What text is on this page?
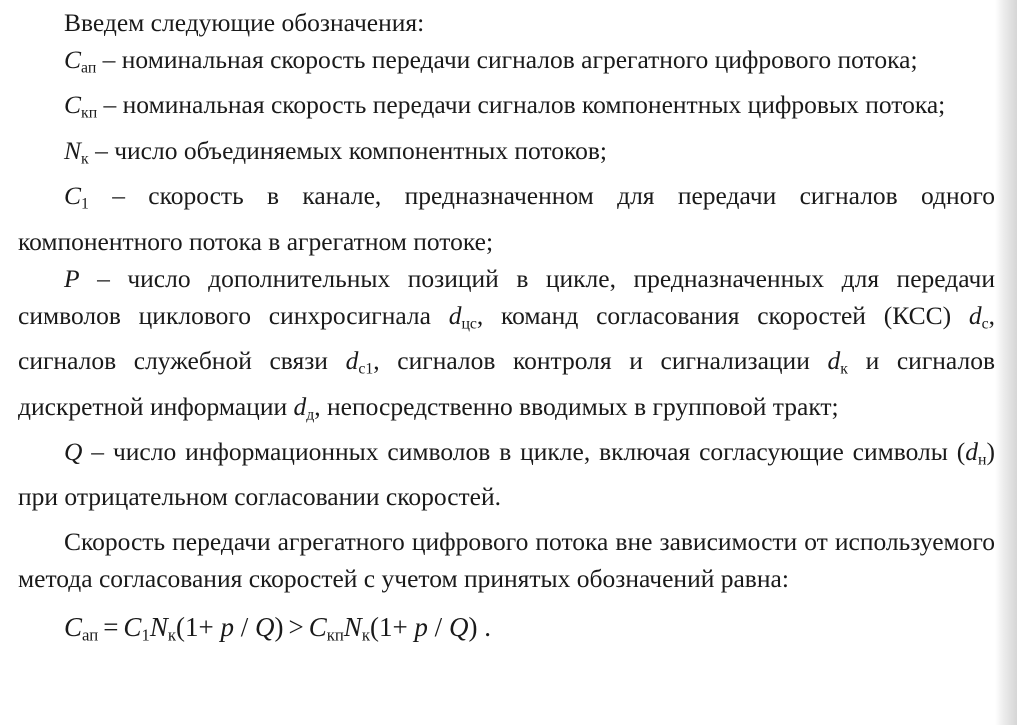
Введем следующие обозначения:

$C_{ап}$ – номинальная скорость передачи сигналов агрегатного цифрового потока;

$C_{кп}$ – номинальная скорость передачи сигналов компонентных цифровых потока;

$N_к$ – число объединяемых компонентных потоков;

$C_1$ – скорость в канале, предназначенном для передачи сигналов одного компонентного потока в агрегатном потоке;

P – число дополнительных позиций в цикле, предназначенных для передачи символов циклового синхросигнала $d_{цс}$, команд согласования скоростей (КСС) $d_с$, сигналов служебной связи $d_{с1}$, сигналов контроля и сигнализации $d_к$ и сигналов дискретной информации $d_д$, непосредственно вводимых в групповой тракт;

Q – число информационных символов в цикле, включая согласующие символы $(d_н)$ при отрицательном согласовании скоростей.

Скорость передачи агрегатного цифрового потока вне зависимости от используемого метода согласования скоростей с учетом принятых обозначений равна:

$C_{ап} = C_1N_к(1+ p / Q) > C_{кп}N_к(1+ p / Q)$ .
